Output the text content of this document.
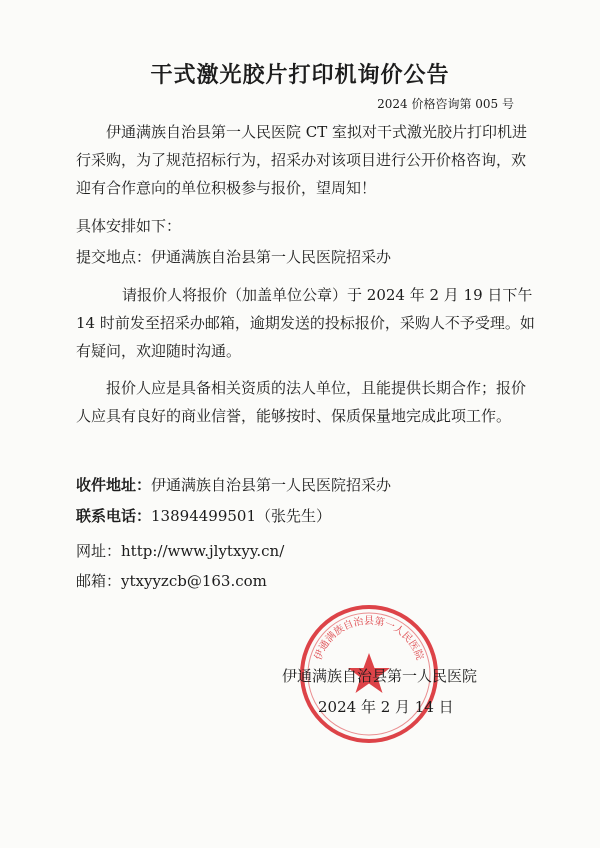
干式激光胶片打印机询价公告
2024 价格咨询第 005 号

伊通满族自治县第一人民医院 CT 室拟对干式激光胶片打印机进行采购，为了规范招标行为，招采办对该项目进行公开价格咨询，欢迎有合作意向的单位积极参与报价，望周知！

具体安排如下：

提交地点：伊通满族自治县第一人民医院招采办

请报价人将报价（加盖单位公章）于 2024 年 2 月 19 日下午 14 时前发至招采办邮箱，逾期发送的投标报价，采购人不予受理。如有疑问，欢迎随时沟通。

报价人应是具备相关资质的法人单位，且能提供长期合作；报价人应具有良好的商业信誉，能够按时、保质保量地完成此项工作。

收件地址：伊通满族自治县第一人民医院招采办
联系电话：13894499501（张先生）
网址：http://www.jlytxyy.cn/
邮箱：ytxyyzcb@163.com
伊通满族自治县第一人民医院
伊通满族自治县第一人民医院
2024 年 2 月 14 日
